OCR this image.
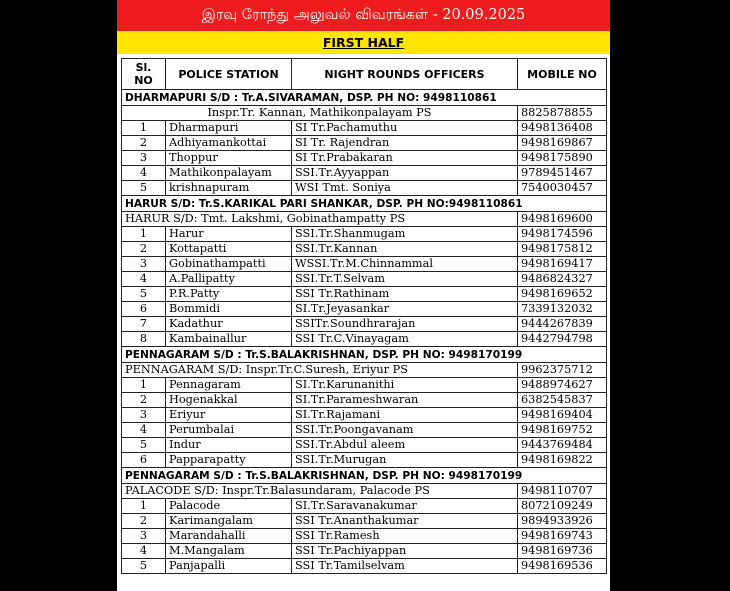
இரவு ரோந்து அலுவல் விவரங்கள் - 20.09.2025
FIRST HALF
Sl.
NO	POLICE STATION	NIGHT ROUNDS OFFICERS	MOBILE NO
DHARMAPURI S/D : Tr.A.SIVARAMAN, DSP. PH NO: 9498110861			
Inspr.Tr. Kannan, Mathikonpalayam PS			8825878855
1	Dharmapuri	SI Tr.Pachamuthu	9498136408
2	Adhiyamankottai	SI Tr. Rajendran	9498169867
3	Thoppur	SI Tr.Prabakaran	9498175890
4	Mathikonpalayam	SSI.Tr.Ayyappan	9789451467
5	krishnapuram	WSI Tmt. Soniya	7540030457
HARUR S/D: Tr.S.KARIKAL PARI SHANKAR, DSP. PH NO:9498110861			
HARUR S/D: Tmt. Lakshmi, Gobinathampatty PS			9498169600
1	Harur	SSI.Tr.Shanmugam	9498174596
2	Kottapatti	SSI.Tr.Kannan	9498175812
3	Gobinathampatti	WSSI.Tr.M.Chinnammal	9498169417
4	A.Pallipatty	SSI.Tr.T.Selvam	9486824327
5	P.R.Patty	SSI Tr.Rathinam	9498169652
6	Bommidi	SI.Tr.Jeyasankar	7339132032
7	Kadathur	SSITr.Soundhrarajan	9444267839
8	Kambainallur	SSI Tr.C.Vinayagam	9442794798
PENNAGARAM S/D : Tr.S.BALAKRISHNAN, DSP. PH NO: 9498170199			
PENNAGARAM S/D: Inspr.Tr.C.Suresh, Eriyur PS			9962375712
1	Pennagaram	SI.Tr.Karunanithi	9488974627
2	Hogenakkal	SI.Tr.Parameshwaran	6382545837
3	Eriyur	SI.Tr.Rajamani	9498169404
4	Perumbalai	SSI.Tr.Poongavanam	9498169752
5	Indur	SSI.Tr.Abdul aleem	9443769484
6	Papparapatty	SSI.Tr.Murugan	9498169822
PENNAGARAM S/D : Tr.S.BALAKRISHNAN, DSP. PH NO: 9498170199			
PALACODE S/D: Inspr.Tr.Balasundaram, Palacode PS			9498110707
1	Palacode	SI.Tr.Saravanakumar	8072109249
2	Karimangalam	SSI Tr.Ananthakumar	9894933926
3	Marandahalli	SSI Tr.Ramesh	9498169743
4	M.Mangalam	SSI Tr.Pachiyappan	9498169736
5	Panjapalli	SSI Tr.Tamilselvam	9498169536
